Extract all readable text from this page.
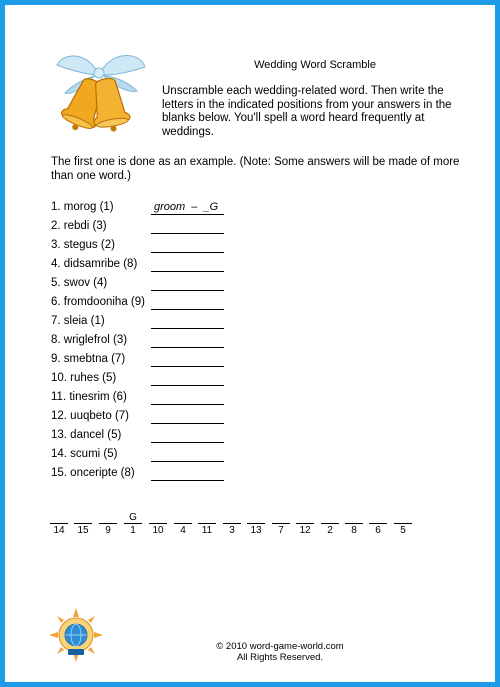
Wedding Word Scramble
Unscramble each wedding-related word. Then write the letters in the indicated positions from your answers in the blanks below. You'll spell a word heard frequently at weddings.
The first one is done as an example. (Note: Some answers will be made of more than one word.)
1. morog (1)	groom  –  _G
2. rebdi (3)
3. stegus (2)
4. didsamribe (8)
5. swov (4)
6. fromdooniha (9)
7. sleia (1)
8. wriglefrol (3)
9. smebtna (7)
10. ruhes (5)
11. tinesrim (6)
12. uuqbeto (7)
13. dancel (5)
14. scumi (5)
15. onceripte (8)
14	15	9
G
1	10	4	11	3	13	7	12	2	8	6	5
© 2010 word-game-world.com
All Rights Reserved.
